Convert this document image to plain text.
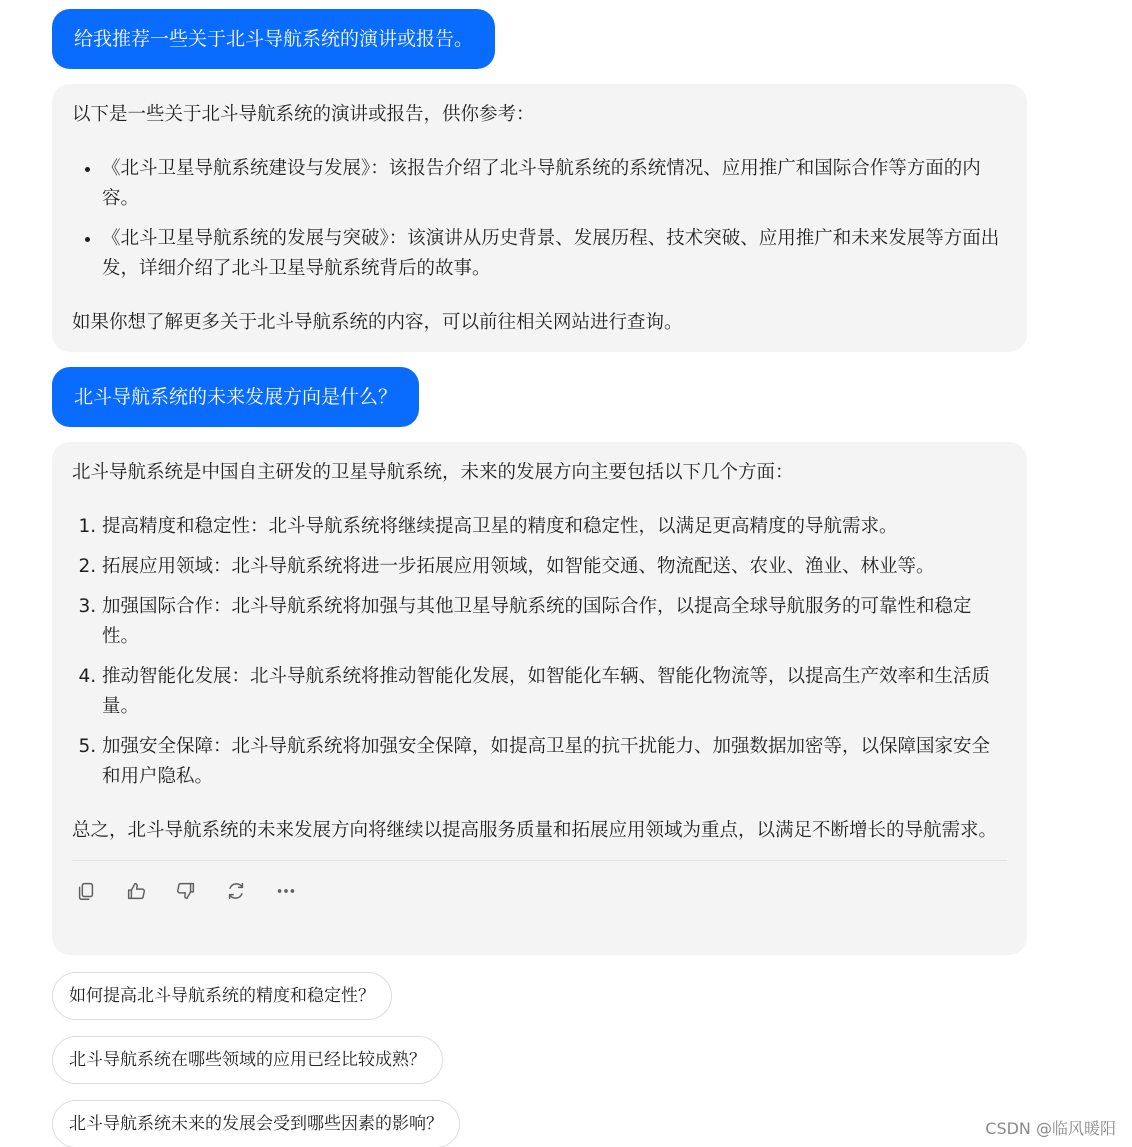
给我推荐一些关于北斗导航系统的演讲或报告。

以下是一些关于北斗导航系统的演讲或报告，供你参考：

• 《北斗卫星导航系统建设与发展》：该报告介绍了北斗导航系统的系统情况、应用推广和国际合作等方面的内容。
• 《北斗卫星导航系统的发展与突破》：该演讲从历史背景、发展历程、技术突破、应用推广和未来发展等方面出发，详细介绍了北斗卫星导航系统背后的故事。

如果你想了解更多关于北斗导航系统的内容，可以前往相关网站进行查询。

北斗导航系统的未来发展方向是什么？

北斗导航系统是中国自主研发的卫星导航系统，未来的发展方向主要包括以下几个方面：

1. 提高精度和稳定性：北斗导航系统将继续提高卫星的精度和稳定性，以满足更高精度的导航需求。
2. 拓展应用领域：北斗导航系统将进一步拓展应用领域，如智能交通、物流配送、农业、渔业、林业等。
3. 加强国际合作：北斗导航系统将加强与其他卫星导航系统的国际合作，以提高全球导航服务的可靠性和稳定性。
4. 推动智能化发展：北斗导航系统将推动智能化发展，如智能化车辆、智能化物流等，以提高生产效率和生活质量。
5. 加强安全保障：北斗导航系统将加强安全保障，如提高卫星的抗干扰能力、加强数据加密等，以保障国家安全和用户隐私。

总之，北斗导航系统的未来发展方向将继续以提高服务质量和拓展应用领域为重点，以满足不断增长的导航需求。

如何提高北斗导航系统的精度和稳定性？
北斗导航系统在哪些领域的应用已经比较成熟？
北斗导航系统未来的发展会受到哪些因素的影响？	CSDN @临风暖阳
